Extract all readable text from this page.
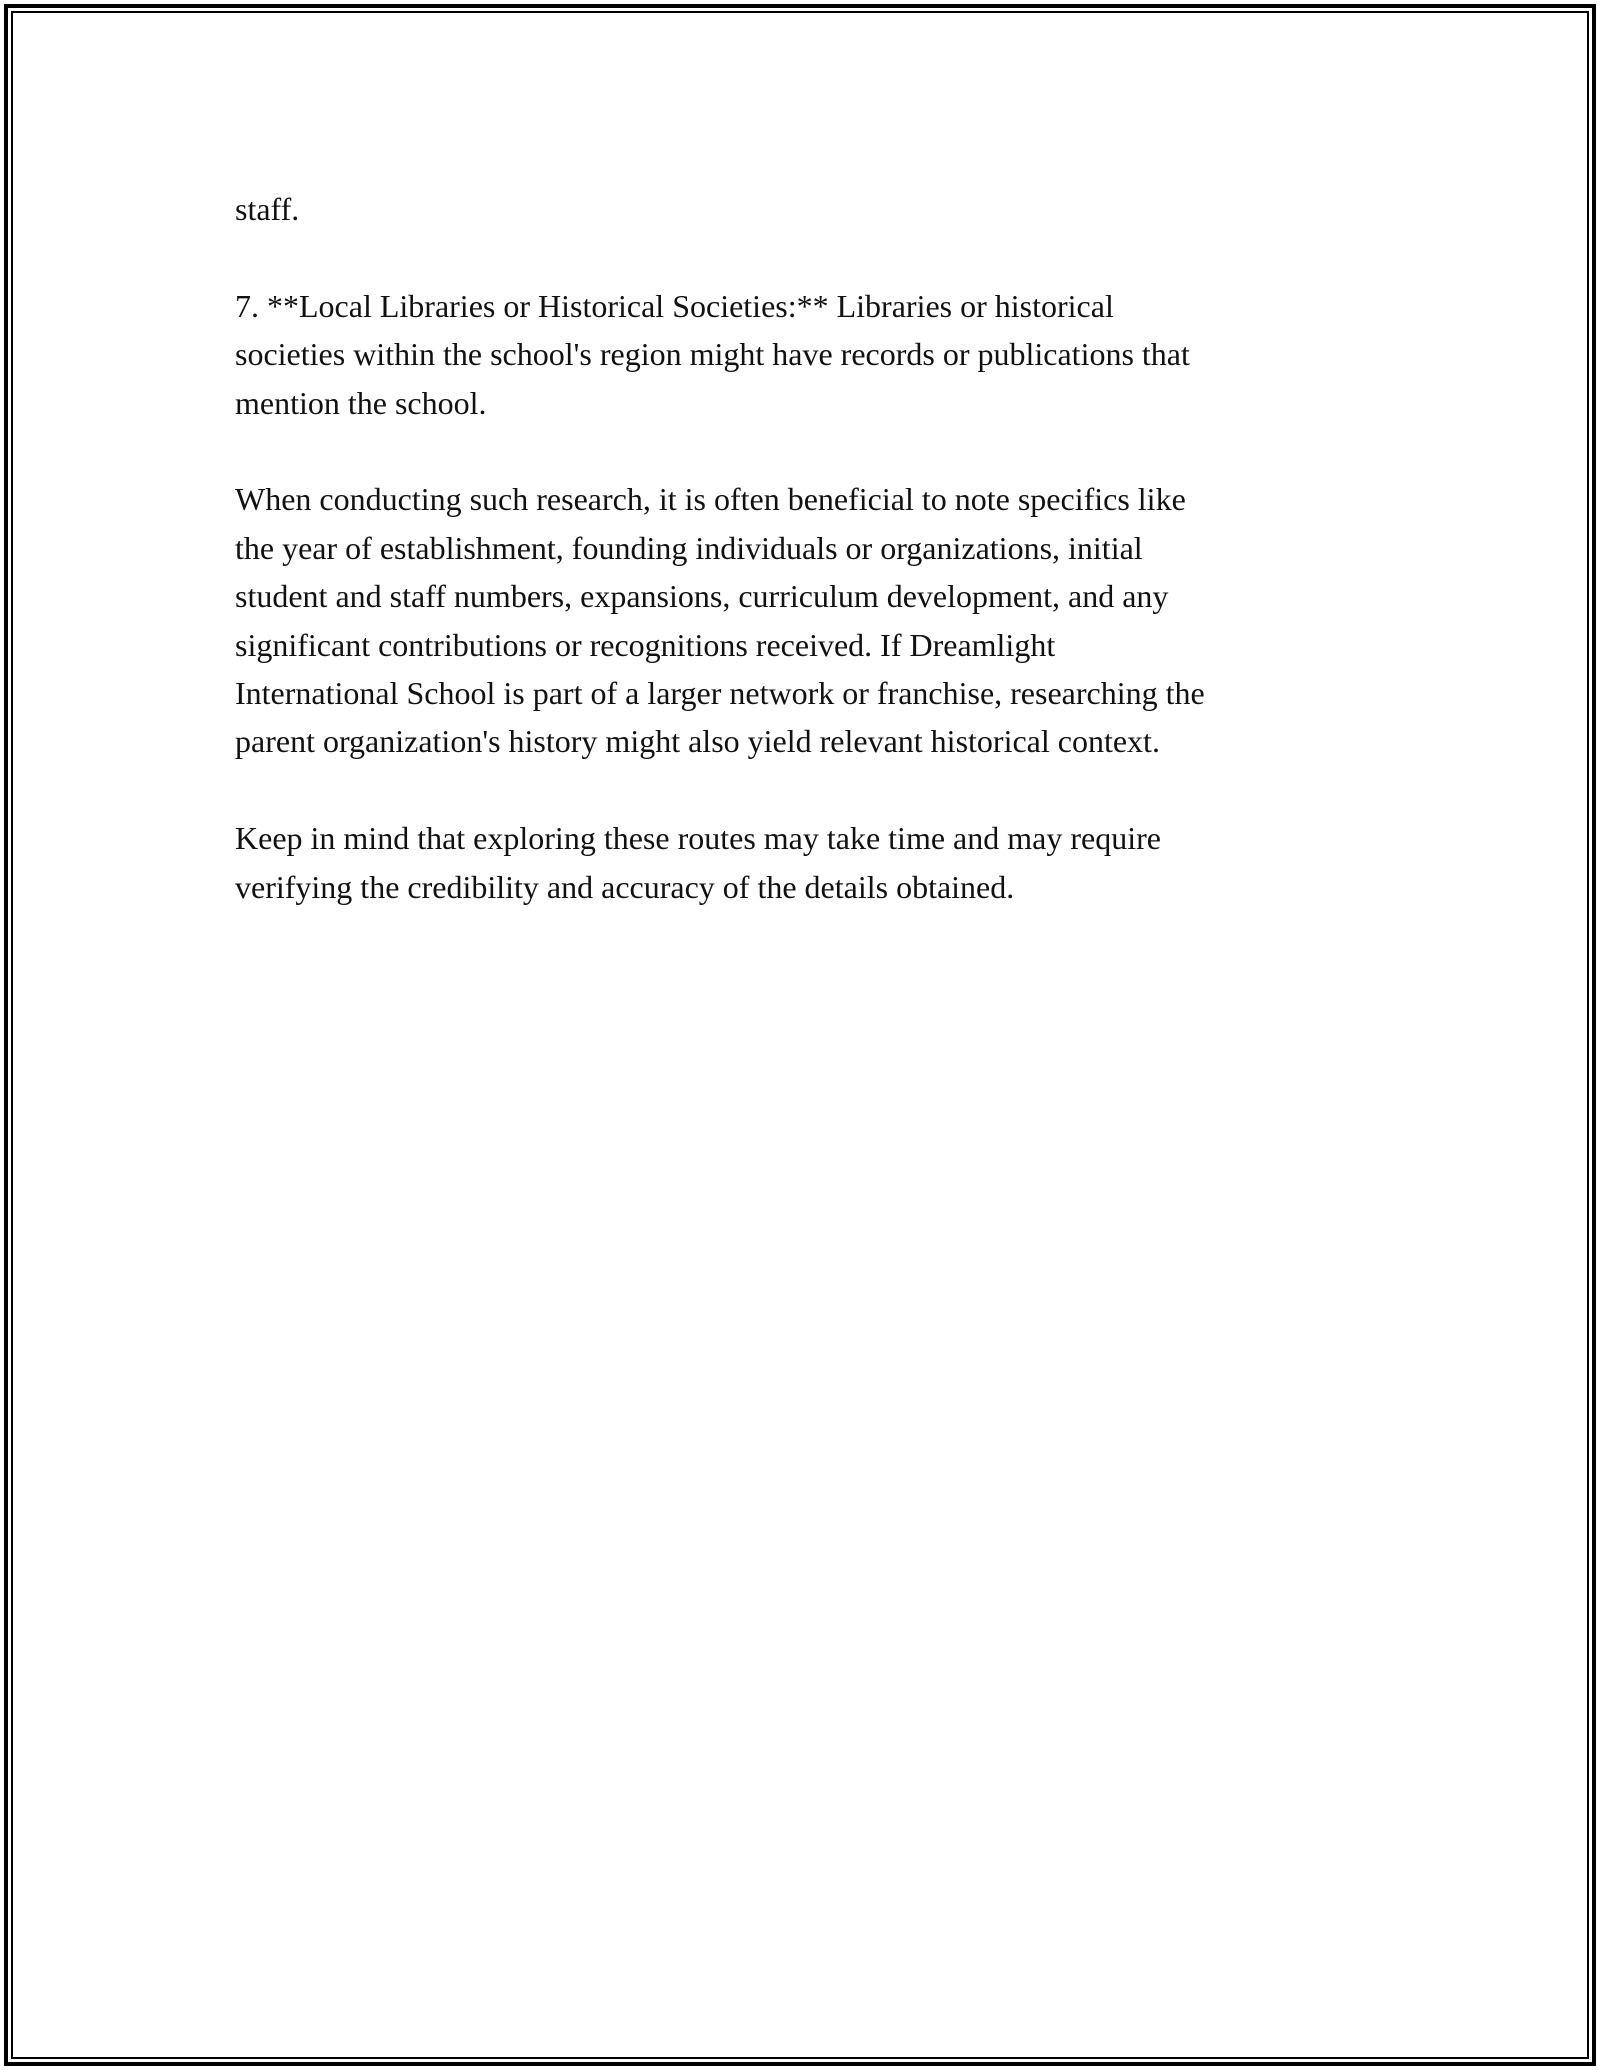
staff.

7. **Local Libraries or Historical Societies:** Libraries or historical
societies within the school's region might have records or publications that
mention the school.

When conducting such research, it is often beneficial to note specifics like
the year of establishment, founding individuals or organizations, initial
student and staff numbers, expansions, curriculum development, and any
significant contributions or recognitions received. If Dreamlight
International School is part of a larger network or franchise, researching the
parent organization's history might also yield relevant historical context.

Keep in mind that exploring these routes may take time and may require
verifying the credibility and accuracy of the details obtained.
